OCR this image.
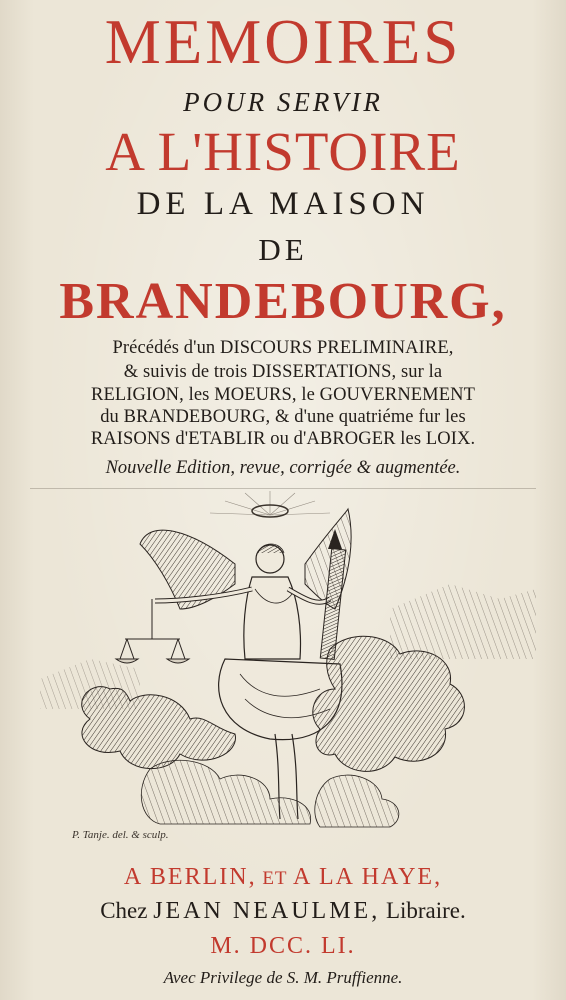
MEMOIRES

POUR SERVIR

A L'HISTOIRE

DE LA MAISON

DE

BRANDEBOURG,

Précédés d'un DISCOURS PRELIMINAIRE,

& suivis de trois DISSERTATIONS, sur la

RELIGION, les MOEURS, le GOUVERNEMENT

du BRANDEBOURG, & d'une quatriéme fur les

RAISONS d'ETABLIR ou d'ABROGER les LOIX.

Nouvelle Edition, revue, corrigée & augmentée.

P. Tanje. del. & sculp.

A BERLIN, ET A LA HAYE,

Chez JEAN NEAULME, Libraire.

M. DCC. LI.

Avec Privilege de S. M. Pruffienne.
